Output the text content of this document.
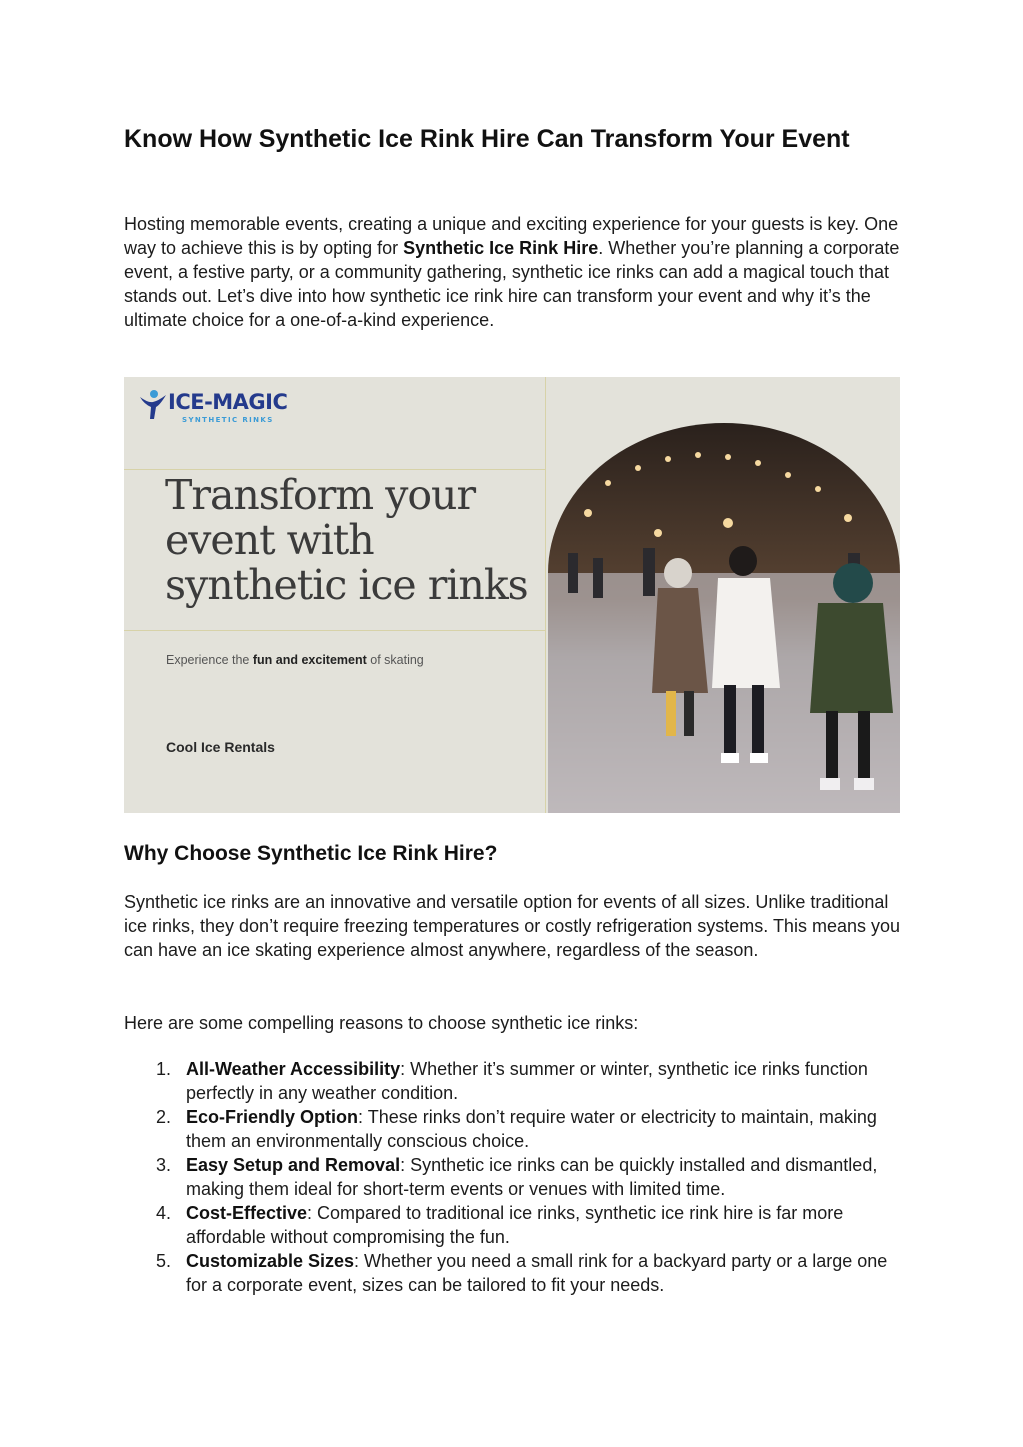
Know How Synthetic Ice Rink Hire Can Transform Your Event

Hosting memorable events, creating a unique and exciting experience for your guests is key. One way to achieve this is by opting for Synthetic Ice Rink Hire. Whether you’re planning a corporate event, a festive party, or a community gathering, synthetic ice rinks can add a magical touch that stands out. Let’s dive into how synthetic ice rink hire can transform your event and why it’s the ultimate choice for a one-of-a-kind experience.

ICE-MAGIC
SYNTHETIC RINKS
Transform your event with synthetic ice rinks
Experience the fun and excitement of skating
Cool Ice Rentals
Why Choose Synthetic Ice Rink Hire?

Synthetic ice rinks are an innovative and versatile option for events of all sizes. Unlike traditional ice rinks, they don’t require freezing temperatures or costly refrigeration systems. This means you can have an ice skating experience almost anywhere, regardless of the season.

Here are some compelling reasons to choose synthetic ice rinks:

1. All-Weather Accessibility: Whether it’s summer or winter, synthetic ice rinks function perfectly in any weather condition.
2. Eco-Friendly Option: These rinks don’t require water or electricity to maintain, making them an environmentally conscious choice.
3. Easy Setup and Removal: Synthetic ice rinks can be quickly installed and dismantled, making them ideal for short-term events or venues with limited time.
4. Cost-Effective: Compared to traditional ice rinks, synthetic ice rink hire is far more affordable without compromising the fun.
5. Customizable Sizes: Whether you need a small rink for a backyard party or a large one for a corporate event, sizes can be tailored to fit your needs.
